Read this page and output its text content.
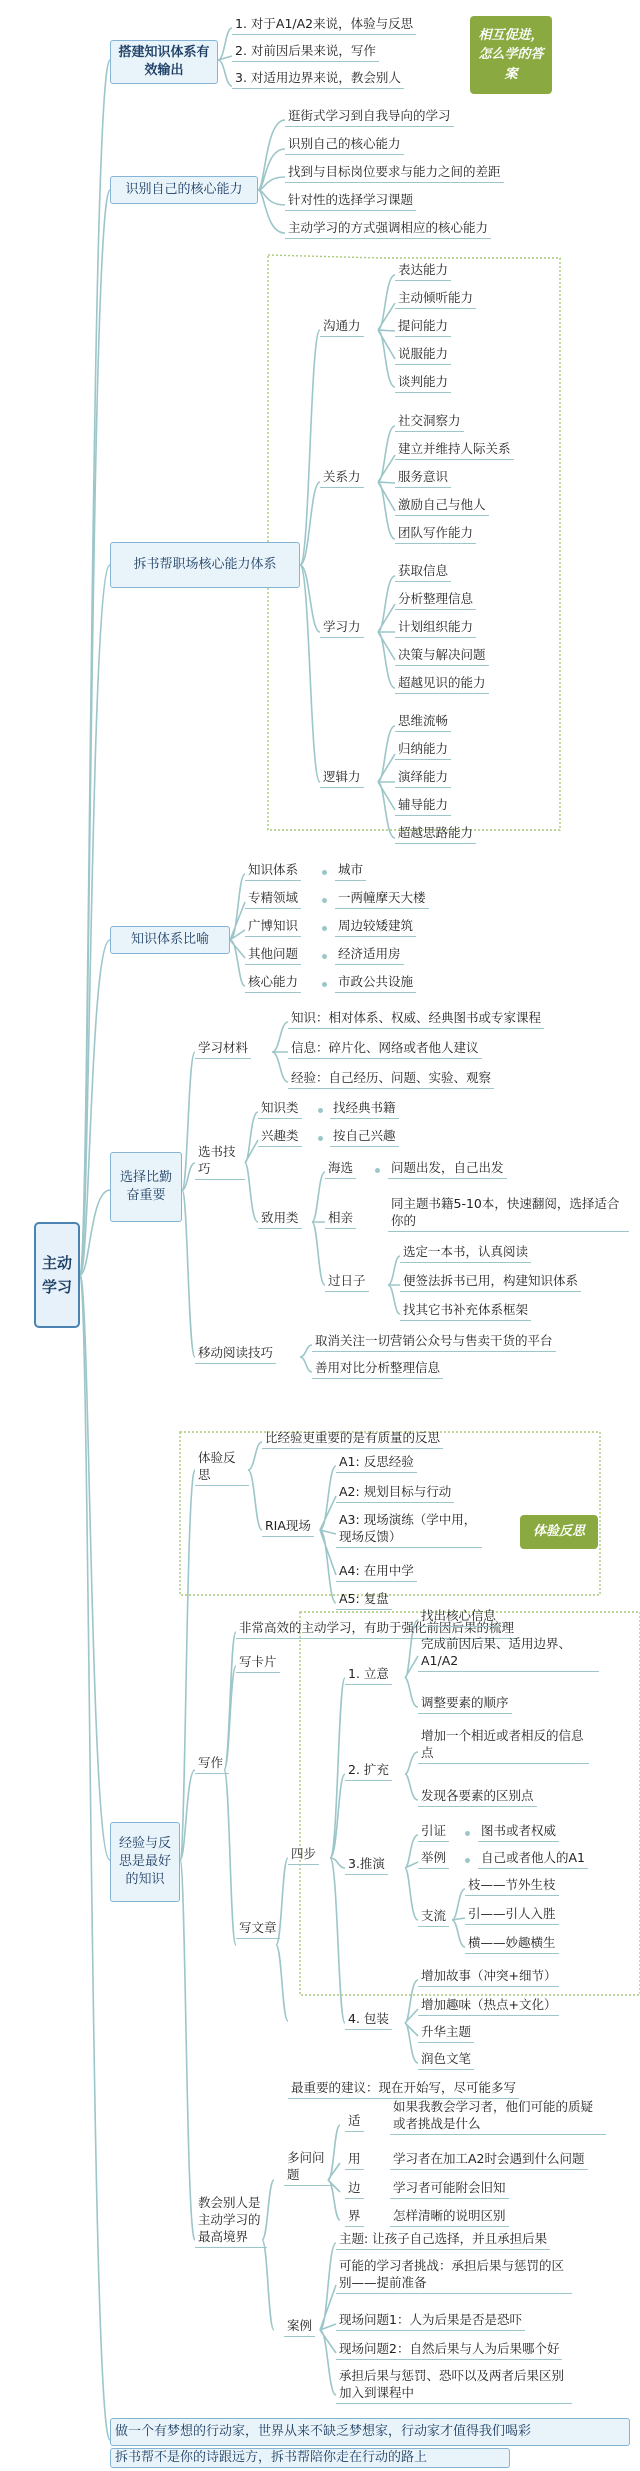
主动学习
搭建知识体系有效输出
1. 对于A1/A2来说，体验与反思
2. 对前因后果来说，写作
3. 对适用边界来说，教会别人
相互促进，怎么学的答案
识别自己的核心能力
逛街式学习到自我导向的学习
识别自己的核心能力
找到与目标岗位要求与能力之间的差距
针对性的选择学习课题
主动学习的方式强调相应的核心能力
拆书帮职场核心能力体系
沟通力
表达能力
主动倾听能力
提问能力
说服能力
谈判能力
关系力
社交洞察力
建立并维持人际关系
服务意识
激励自己与他人
团队写作能力
学习力
获取信息
分析整理信息
计划组织能力
决策与解决问题
超越见识的能力
逻辑力
思维流畅
归纳能力
演绎能力
辅导能力
超越思路能力
知识体系比喻
知识体系	城市
专精领域	一两幢摩天大楼
广博知识	周边较矮建筑
其他问题	经济适用房
核心能力	市政公共设施
选择比勤奋重要
学习材料
知识：相对体系、权威、经典图书或专家课程
信息：碎片化、网络或者他人建议
经验：自己经历、问题、实验、观察
选书技巧
知识类	找经典书籍
兴趣类	按自己兴趣
致用类
海选	问题出发，自己出发
相亲
同主题书籍5-10本，快速翻阅，选择适合你的
过日子
选定一本书，认真阅读
便签法拆书已用，构建知识体系
找其它书补充体系框架
移动阅读技巧
取消关注一切营销公众号与售卖干货的平台
善用对比分析整理信息
经验与反思是最好的知识
体验反思
比经验更重要的是有质量的反思
RIA现场
A1: 反思经验
A2: 规划目标与行动
A3: 现场演练（学中用，现场反馈）
A4: 在用中学
A5: 复盘
体验反思
写作
非常高效的主动学习，有助于强化前因后果的梳理
写卡片
写文章
四步
1. 立意
找出核心信息
完成前因后果、适用边界、A1/A2
调整要素的顺序
2. 扩充
增加一个相近或者相反的信息点
发现各要素的区别点
3.推演
引证	图书或者权威
举例	自己或者他人的A1
支流
枝——节外生枝
引——引人入胜
横——妙趣横生
4. 包装
增加故事（冲突+细节）
增加趣味（热点+文化）
升华主题
润色文笔
最重要的建议：现在开始写，尽可能多写
教会别人是主动学习的最高境界
多问问题
适
如果我教会学习者，他们可能的质疑或者挑战是什么
用	学习者在加工A2时会遇到什么问题
边	学习者可能附会旧知
界	怎样清晰的说明区别
案例
主题: 让孩子自己选择，并且承担后果
可能的学习者挑战：承担后果与惩罚的区别——提前准备
现场问题1：人为后果是否是恐吓
现场问题2：自然后果与人为后果哪个好
承担后果与惩罚、恐吓以及两者后果区别加入到课程中
做一个有梦想的行动家，世界从来不缺乏梦想家，行动家才值得我们喝彩
拆书帮不是你的诗跟远方，拆书帮陪你走在行动的路上
